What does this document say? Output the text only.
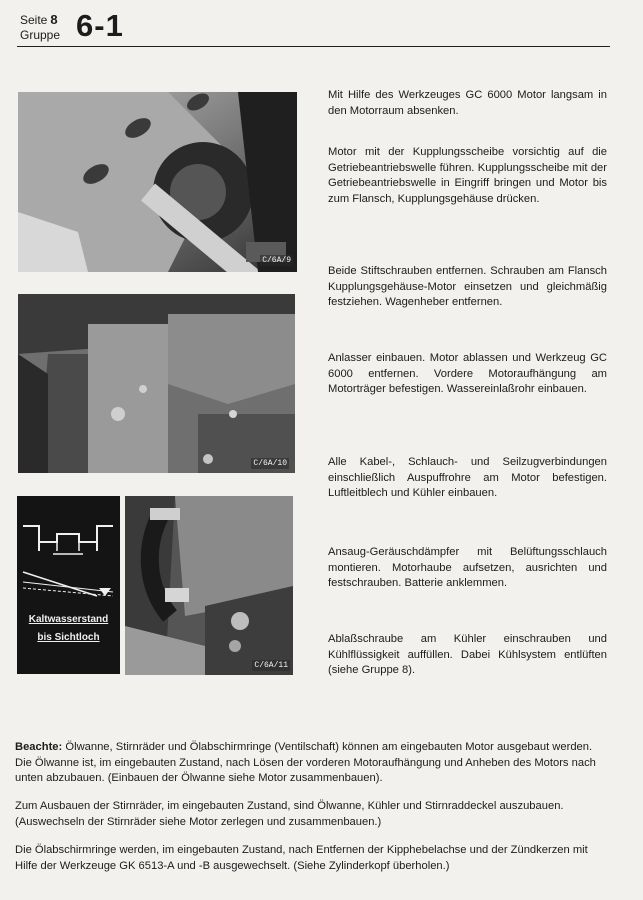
Seite 8
Gruppe 6-1
C/6A/9
C/6A/10
Kaltwasserstand
bis Sichtloch
C/6A/11
Mit Hilfe des Werkzeuges GC 6000 Motor langsam in den Motorraum absenken.
Motor mit der Kupplungsscheibe vorsichtig auf die Getriebeantriebswelle führen. Kupplungsscheibe mit der Getriebeantriebswelle in Eingriff bringen und Motor bis zum Flansch, Kupplungsgehäuse drücken.
Beide Stiftschrauben entfernen. Schrauben am Flansch Kupplungsgehäuse-Motor einsetzen und gleichmäßig festziehen. Wagenheber entfernen.
Anlasser einbauen. Motor ablassen und Werkzeug GC 6000 entfernen. Vordere Motoraufhängung am Motorträger befestigen. Wassereinlaßrohr einbauen.
Alle Kabel-, Schlauch- und Seilzugverbindungen einschließlich Auspuffrohre am Motor befestigen. Luftleitblech und Kühler einbauen.
Ansaug-Geräuschdämpfer mit Belüftungsschlauch montieren. Motorhaube aufsetzen, ausrichten und festschrauben. Batterie anklemmen.
Ablaßschraube am Kühler einschrauben und Kühlflüssigkeit auffüllen. Dabei Kühlsystem entlüften (siehe Gruppe 8).
Beachte: Ölwanne, Stirnräder und Ölabschirmringe (Ventilschaft) können am eingebauten Motor ausgebaut werden. Die Ölwanne ist, im eingebauten Zustand, nach Lösen der vorderen Motoraufhängung und Anheben des Motors nach unten abzubauen. (Einbauen der Ölwanne siehe Motor zusammenbauen).
Zum Ausbauen der Stirnräder, im eingebauten Zustand, sind Ölwanne, Kühler und Stirnraddeckel auszubauen. (Auswechseln der Stirnräder siehe Motor zerlegen und zusammenbauen.)
Die Ölabschirmringe werden, im eingebauten Zustand, nach Entfernen der Kipphebelachse und der Zündkerzen mit Hilfe der Werkzeuge GK 6513-A und -B ausgewechselt. (Siehe Zylinderkopf überholen.)
